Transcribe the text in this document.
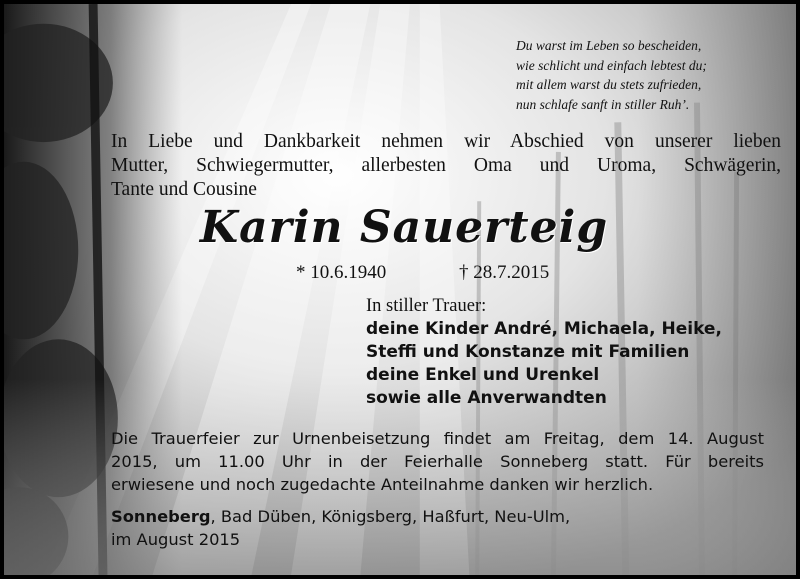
Du warst im Leben so bescheiden,
wie schlicht und einfach lebtest du;
mit allem warst du stets zufrieden,
nun schlafe sanft in stiller Ruh’.
In Liebe und Dankbarkeit nehmen wir Abschied von unserer lieben
Mutter, Schwiegermutter, allerbesten Oma und Uroma, Schwägerin,
Tante und Cousine
Karin Sauerteig
* 10.6.1940	† 28.7.2015
In stiller Trauer:
deine Kinder André, Michaela, Heike,
Steffi und Konstanze mit Familien
deine Enkel und Urenkel
sowie alle Anverwandten
Die Trauerfeier zur Urnenbeisetzung findet am Freitag, dem 14. August
2015, um 11.00 Uhr in der Feierhalle Sonneberg statt. Für bereits
erwiesene und noch zugedachte Anteilnahme danken wir herzlich.
Sonneberg, Bad Düben, Königsberg, Haßfurt, Neu-Ulm,
im August 2015
